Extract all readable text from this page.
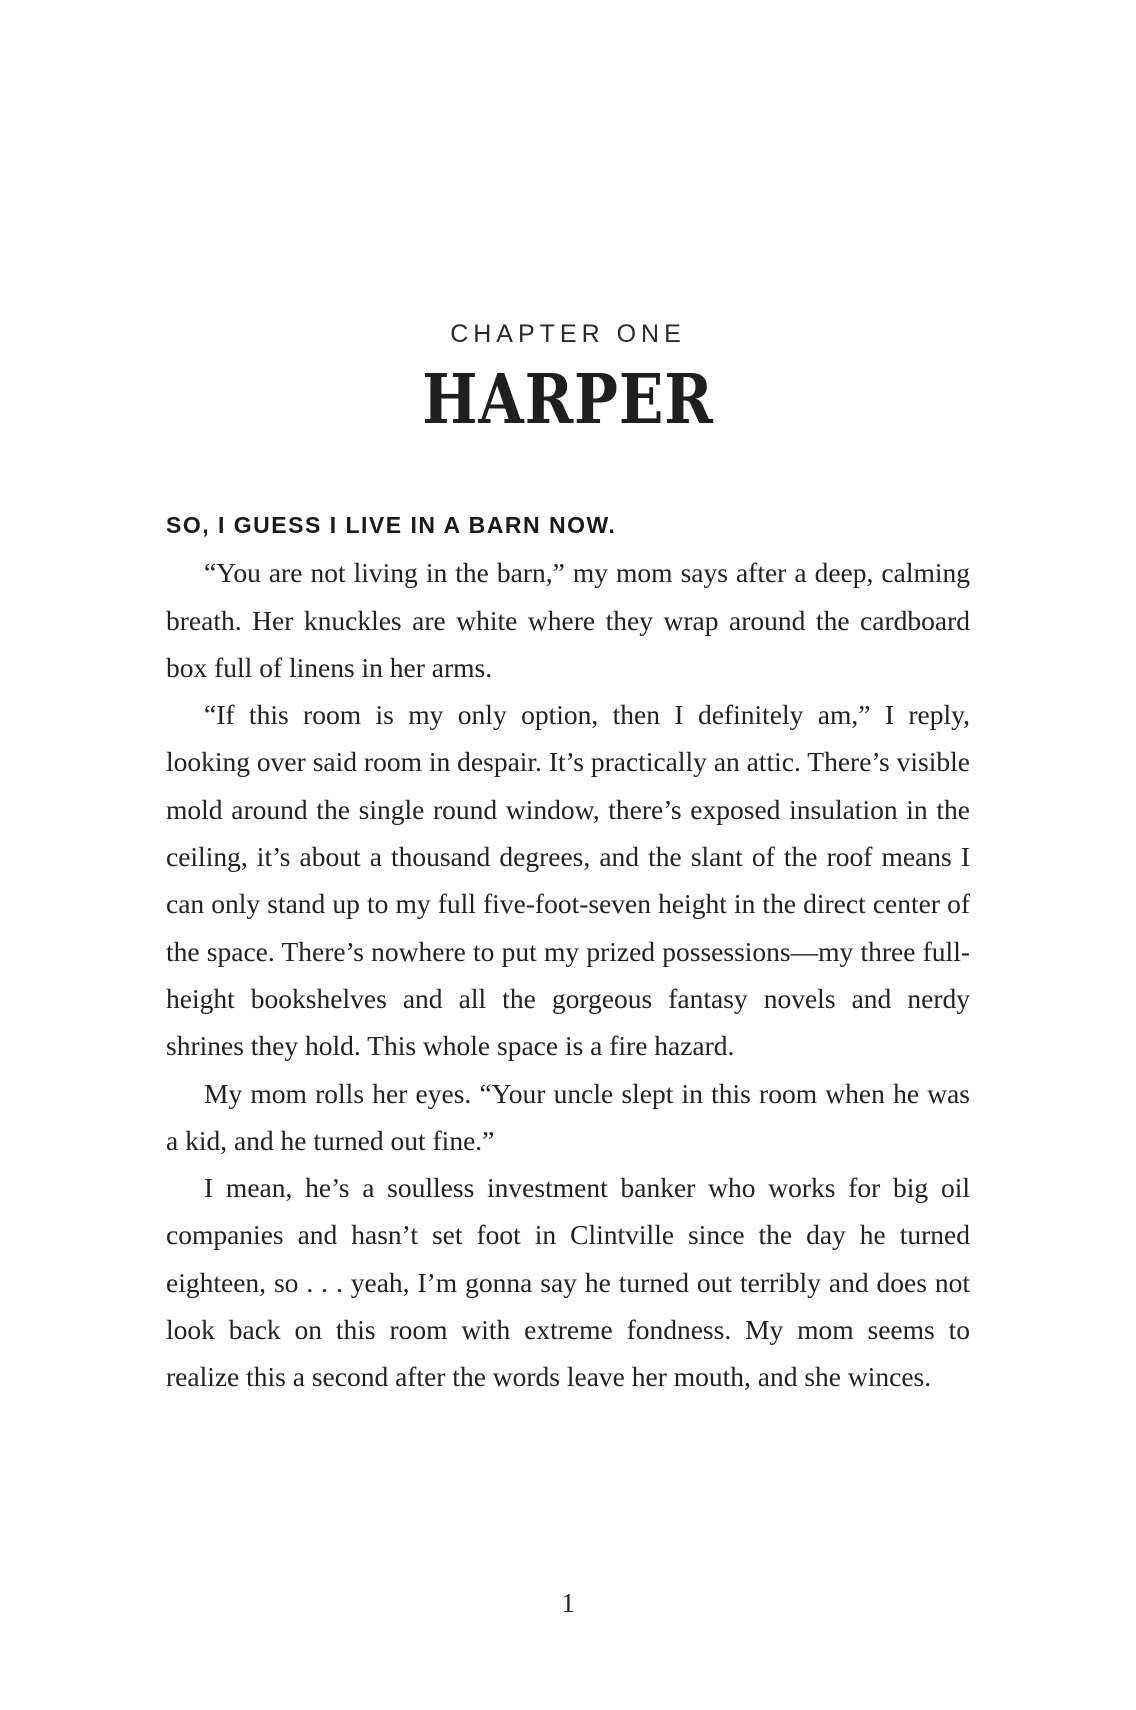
CHAPTER ONE
HARPER

SO, I GUESS I LIVE IN A BARN NOW.

“You are not living in the barn,” my mom says after a deep, calming breath. Her knuckles are white where they wrap around the cardboard box full of linens in her arms.

“If this room is my only option, then I definitely am,” I reply, looking over said room in despair. It’s practically an attic. There’s visible mold around the single round window, there’s exposed insulation in the ceiling, it’s about a thousand degrees, and the slant of the roof means I can only stand up to my full five-foot-seven height in the direct center of the space. There’s nowhere to put my prized possessions—my three full-height bookshelves and all the gorgeous fantasy novels and nerdy shrines they hold. This whole space is a fire hazard.

My mom rolls her eyes. “Your uncle slept in this room when he was a kid, and he turned out fine.”

I mean, he’s a soulless investment banker who works for big oil companies and hasn’t set foot in Clintville since the day he turned eighteen, so . . . yeah, I’m gonna say he turned out terribly and does not look back on this room with extreme fondness. My mom seems to realize this a second after the words leave her mouth, and she winces.

1
